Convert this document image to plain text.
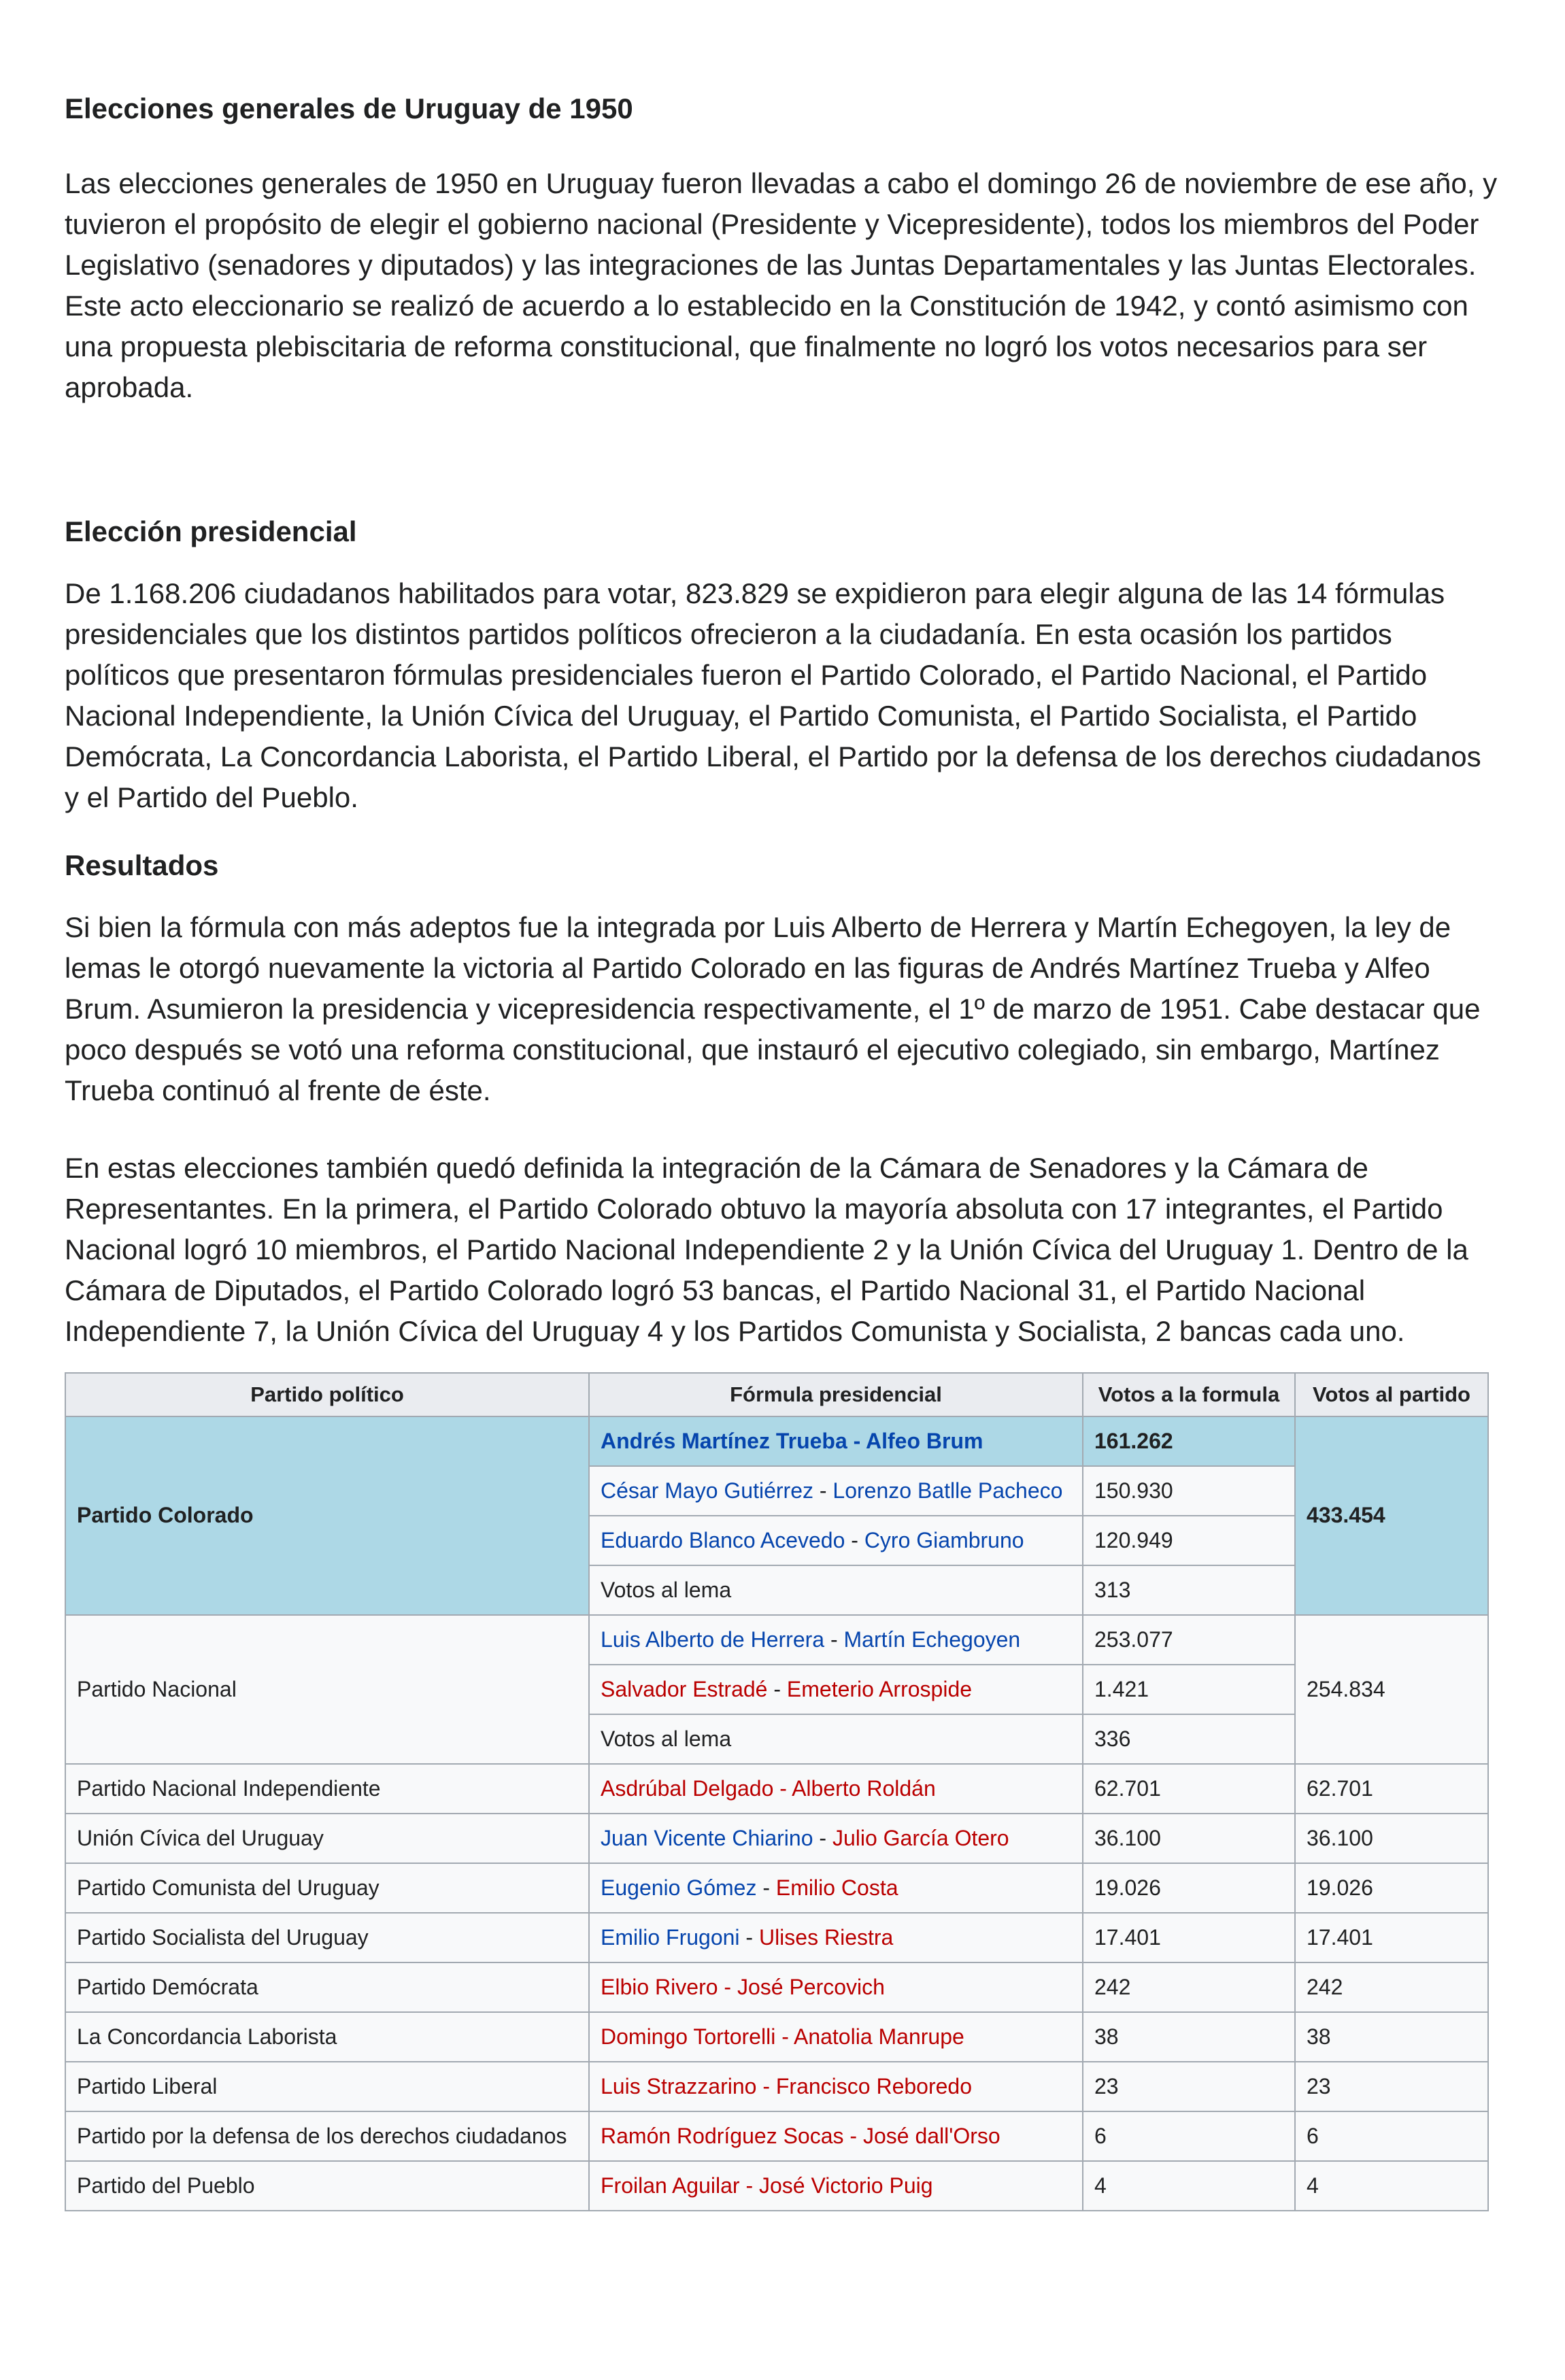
Elecciones generales de Uruguay de 1950

Las elecciones generales de 1950 en Uruguay fueron llevadas a cabo el domingo 26 de noviembre de ese año, y tuvieron el propósito de elegir el gobierno nacional (Presidente y Vicepresidente), todos los miembros del Poder Legislativo (senadores y diputados) y las integraciones de las Juntas Departamentales y las Juntas Electorales. Este acto eleccionario se realizó de acuerdo a lo establecido en la Constitución de 1942, y contó asimismo con una propuesta plebiscitaria de reforma constitucional, que finalmente no logró los votos necesarios para ser aprobada.

Elección presidencial

De 1.168.206 ciudadanos habilitados para votar, 823.829 se expidieron para elegir alguna de las 14 fórmulas presidenciales que los distintos partidos políticos ofrecieron a la ciudadanía. En esta ocasión los partidos políticos que presentaron fórmulas presidenciales fueron el Partido Colorado, el Partido Nacional, el Partido Nacional Independiente, la Unión Cívica del Uruguay, el Partido Comunista, el Partido Socialista, el Partido Demócrata, La Concordancia Laborista, el Partido Liberal, el Partido por la defensa de los derechos ciudadanos y el Partido del Pueblo.

Resultados

Si bien la fórmula con más adeptos fue la integrada por Luis Alberto de Herrera y Martín Echegoyen, la ley de lemas le otorgó nuevamente la victoria al Partido Colorado en las figuras de Andrés Martínez Trueba y Alfeo Brum. Asumieron la presidencia y vicepresidencia respectivamente, el 1º de marzo de 1951. Cabe destacar que poco después se votó una reforma constitucional, que instauró el ejecutivo colegiado, sin embargo, Martínez Trueba continuó al frente de éste.

En estas elecciones también quedó definida la integración de la Cámara de Senadores y la Cámara de Representantes. En la primera, el Partido Colorado obtuvo la mayoría absoluta con 17 integrantes, el Partido Nacional logró 10 miembros, el Partido Nacional Independiente 2 y la Unión Cívica del Uruguay 1. Dentro de la Cámara de Diputados, el Partido Colorado logró 53 bancas, el Partido Nacional 31, el Partido Nacional Independiente 7, la Unión Cívica del Uruguay 4 y los Partidos Comunista y Socialista, 2 bancas cada uno.

Partido político	Fórmula presidencial	Votos a la formula	Votos al partido
Partido Colorado	Andrés Martínez Trueba - Alfeo Brum	161.262	433.454
	César Mayo Gutiérrez - Lorenzo Batlle Pacheco	150.930	
	Eduardo Blanco Acevedo - Cyro Giambruno	120.949	
	Votos al lema	313	
Partido Nacional	Luis Alberto de Herrera - Martín Echegoyen	253.077	254.834
	Salvador Estradé - Emeterio Arrospide	1.421	
	Votos al lema	336	
Partido Nacional Independiente	Asdrúbal Delgado - Alberto Roldán	62.701	62.701
Unión Cívica del Uruguay	Juan Vicente Chiarino - Julio García Otero	36.100	36.100
Partido Comunista del Uruguay	Eugenio Gómez - Emilio Costa	19.026	19.026
Partido Socialista del Uruguay	Emilio Frugoni - Ulises Riestra	17.401	17.401
Partido Demócrata	Elbio Rivero - José Percovich	242	242
La Concordancia Laborista	Domingo Tortorelli - Anatolia Manrupe	38	38
Partido Liberal	Luis Strazzarino - Francisco Reboredo	23	23
Partido por la defensa de los derechos ciudadanos	Ramón Rodríguez Socas - José dall'Orso	6	6
Partido del Pueblo	Froilan Aguilar - José Victorio Puig	4	4
